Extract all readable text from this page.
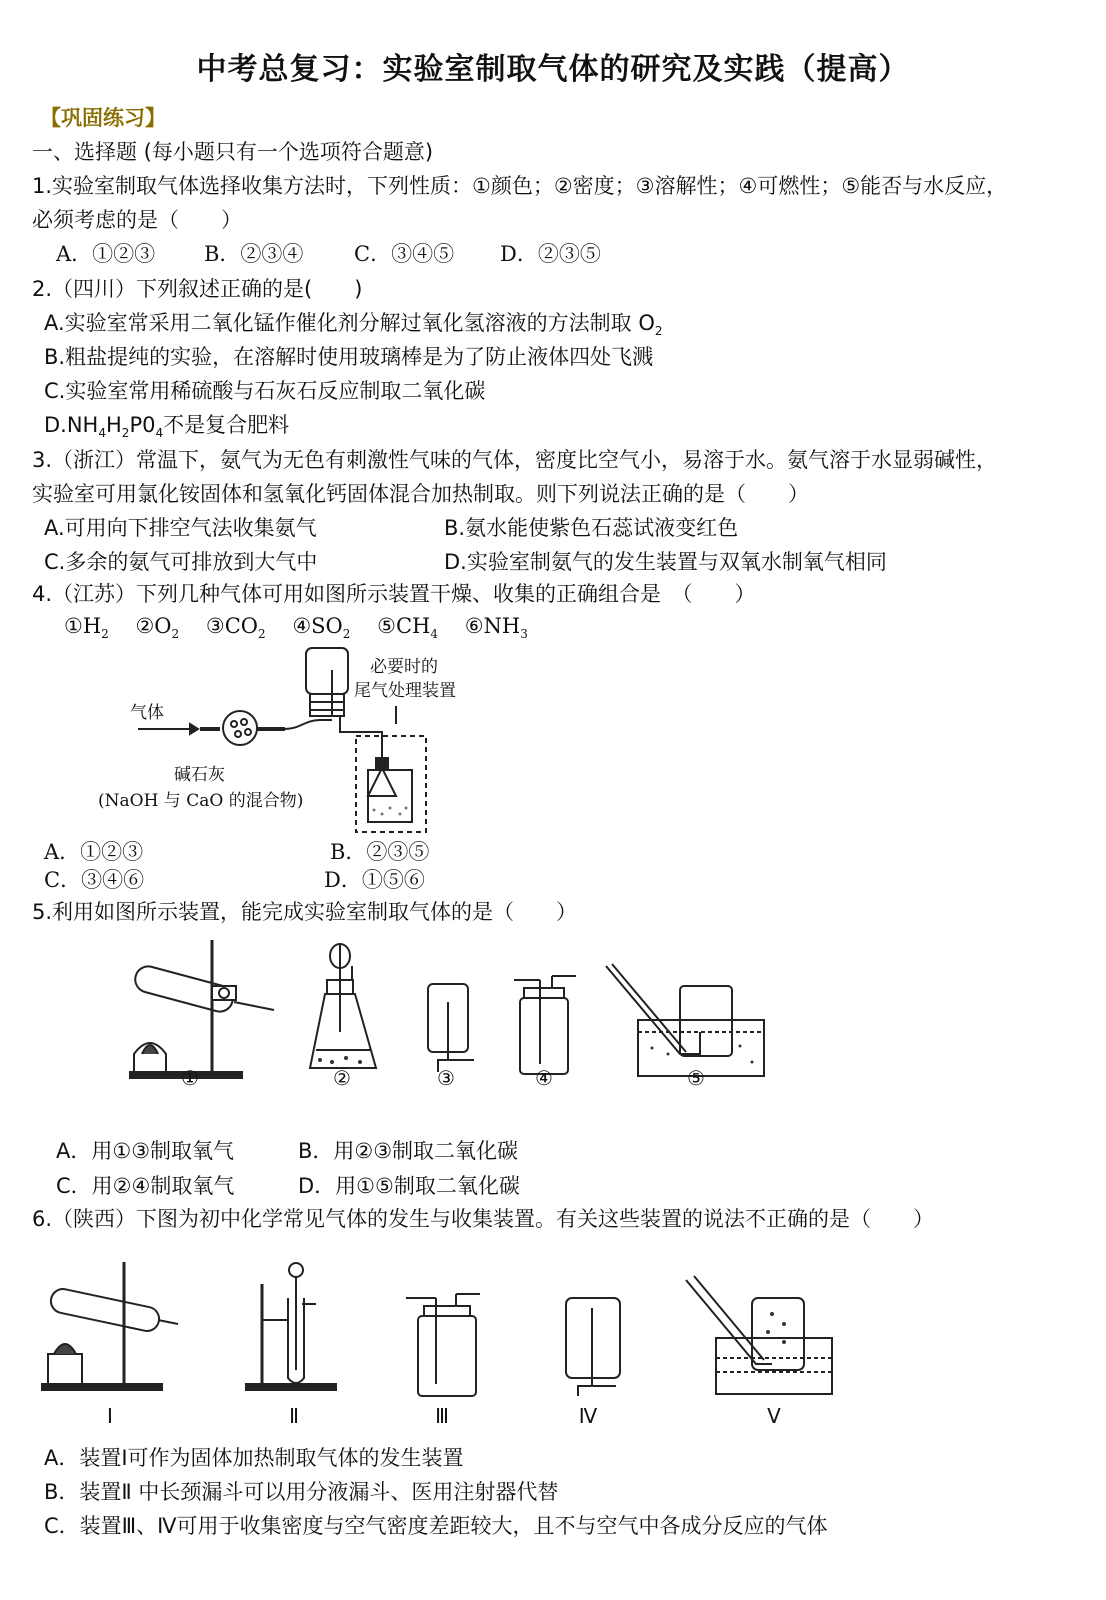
中考总复习：实验室制取气体的研究及实践（提高）
【巩固练习】
一、选择题 (每小题只有一个选项符合题意)
1.实验室制取气体选择收集方法时，下列性质：①颜色；②密度；③溶解性；④可燃性；⑤能否与水反应，
必须考虑的是（　　）
A．①②③ B．②③④ C．③④⑤ D．②③⑤
2.（四川）下列叙述正确的是(　　)
A.实验室常采用二氧化锰作催化剂分解过氧化氢溶液的方法制取 $O_2$
B.粗盐提纯的实验，在溶解时使用玻璃棒是为了防止液体四处飞溅
C.实验室常用稀硫酸与石灰石反应制取二氧化碳
$D.NH_4H_2P0_4$不是复合肥料
3.（浙江）常温下，氨气为无色有刺激性气味的气体，密度比空气小，易溶于水。氨气溶于水显弱碱性，
实验室可用氯化铵固体和氢氧化钙固体混合加热制取。则下列说法正确的是（　　）
A.可用向下排空气法收集氨气	B.氨水能使紫色石蕊试液变红色
C.多余的氨气可排放到大气中	D.实验室制氨气的发生装置与双氧水制氧气相同
4.（江苏）下列几种气体可用如图所示装置干燥、收集的正确组合是　（　　）
$①H_2$ $②O_2$ $③CO_2$ $④SO_2$ $⑤CH_4$ $⑥NH_3$
气体
碱石灰
(NaOH 与 CaO 的混合物)
必要时的
尾气处理装置
A．①②③	B．②③⑤
C．③④⑥	D．①⑤⑥
5.利用如图所示装置，能完成实验室制取气体的是（　　）
①	②	③	④	⑤
A．用①③制取氧气	B．用②③制取二氧化碳
C．用②④制取氧气	D．用①⑤制取二氧化碳
6.（陕西）下图为初中化学常见气体的发生与收集装置。有关这些装置的说法不正确的是（　　）
Ⅰ	Ⅱ	Ⅲ	Ⅳ	Ⅴ
A．装置Ⅰ可作为固体加热制取气体的发生装置
B．装置Ⅱ 中长颈漏斗可以用分液漏斗、医用注射器代替
C．装置Ⅲ、Ⅳ可用于收集密度与空气密度差距较大，且不与空气中各成分反应的气体
